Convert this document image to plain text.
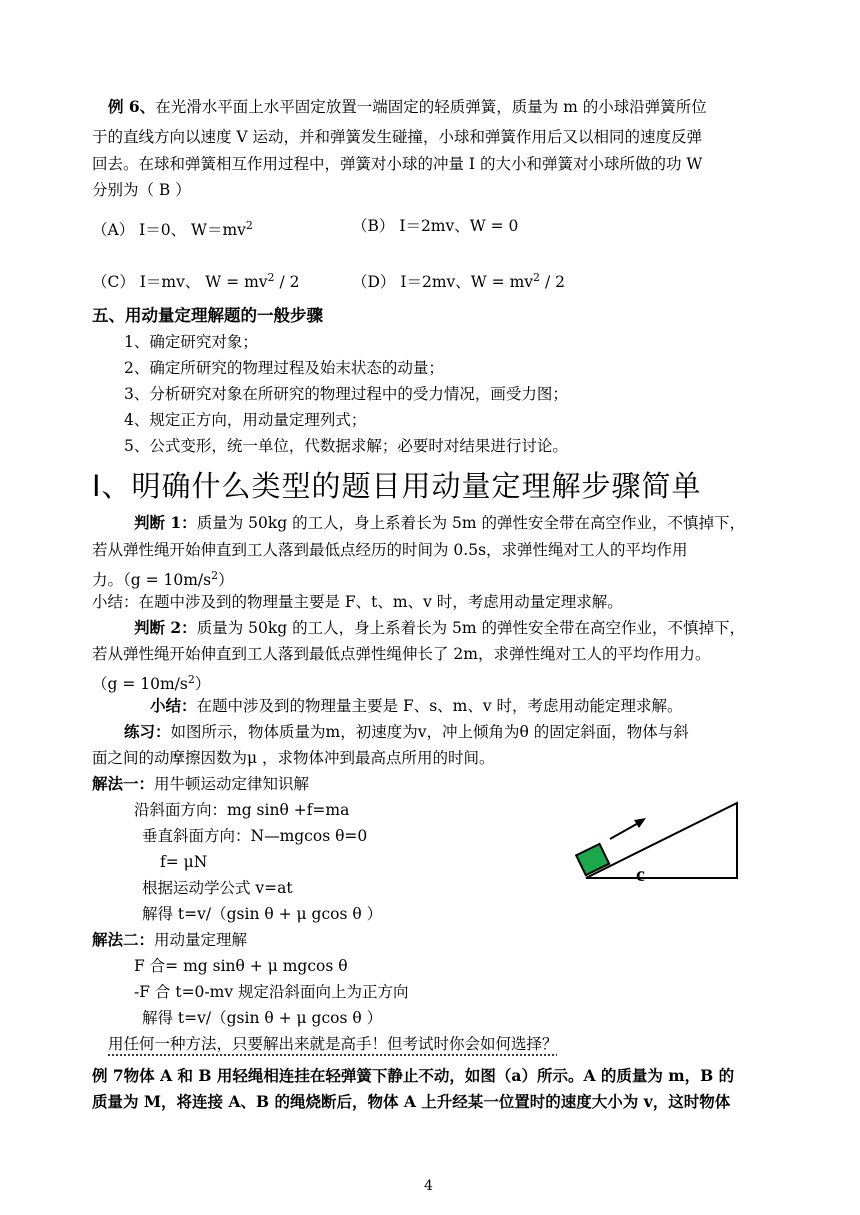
例 6、在光滑水平面上水平固定放置一端固定的轻质弹簧，质量为 m 的小球沿弹簧所位
于的直线方向以速度 V 运动，并和弹簧发生碰撞，小球和弹簧作用后又以相同的速度反弹
回去。在球和弹簧相互作用过程中，弹簧对小球的冲量 I 的大小和弹簧对小球所做的功 W
分别为（ B ）
（A） I＝0、 $W=mv^2$	（B） I＝2mv、W = 0
（C） I＝mv、 $W = mv^2 / 2$	（D） I＝2mv、$W = mv^2 / 2$
五、用动量定理解题的一般步骤
1、确定研究对象；
2、确定所研究的物理过程及始末状态的动量；
3、分析研究对象在所研究的物理过程中的受力情况，画受力图；
4、规定正方向，用动量定理列式；
5、公式变形，统一单位，代数据求解；必要时对结果进行讨论。
Ⅰ、明确什么类型的题目用动量定理解步骤简单
判断 1：质量为 50kg 的工人，身上系着长为 5m 的弹性安全带在高空作业，不慎掉下，
若从弹性绳开始伸直到工人落到最低点经历的时间为 0.5s，求弹性绳对工人的平均作用
力。$(g = 10m/s^2)$
小结：在题中涉及到的物理量主要是 F、t、m、v 时，考虑用动量定理求解。
判断 2：质量为 50kg 的工人，身上系着长为 5m 的弹性安全带在高空作业，不慎掉下，
若从弹性绳开始伸直到工人落到最低点弹性绳伸长了 2m，求弹性绳对工人的平均作用力。
$(g = 10m/s^2)$
小结：在题中涉及到的物理量主要是 F、s、m、v 时，考虑用动能定理求解。
练习：如图所示，物体质量为m，初速度为v，冲上倾角为θ 的固定斜面，物体与斜
面之间的动摩擦因数为μ ，求物体冲到最高点所用的时间。
解法一：用牛顿运动定律知识解
沿斜面方向：mg sinθ +f=ma
垂直斜面方向：N—mgcos θ=0
f= μN
根据运动学公式 v=at
解得 t=v/（gsin θ + μ gcos θ ）
解法二：用动量定理解
F 合= mg sinθ + μ mgcos θ
-F 合 t=0-mv 规定沿斜面向上为正方向
解得 t=v/（gsin θ + μ gcos θ ）
用任何一种方法，只要解出来就是高手！但考试时你会如何选择？
例 7物体 A 和 B 用轻绳相连挂在轻弹簧下静止不动，如图（a）所示。A 的质量为 m，B 的
质量为 M，将连接 A、B 的绳烧断后，物体 A 上升经某一位置时的速度大小为 v，这时物体
c
4
